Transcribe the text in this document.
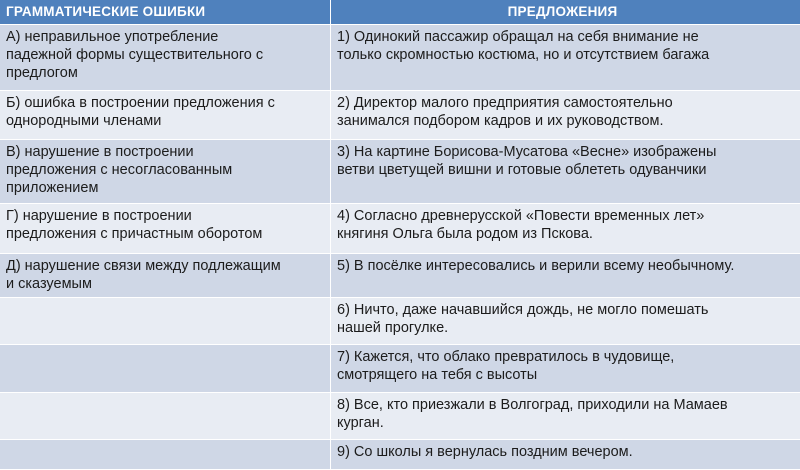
ГРАММАТИЧЕСКИЕ ОШИБКИ	ПРЕДЛОЖЕНИЯ
А) неправильное употребление
падежной формы существительного с
предлогом
1) Одинокий пассажир обращал на себя внимание не
только скромностью костюма, но и отсутствием багажа
Б) ошибка в построении предложения с
однородными членами
2) Директор малого предприятия самостоятельно
занимался подбором кадров и их руководством.
В) нарушение в построении
предложения с несогласованным
приложением
3) На картине Борисова-Мусатова «Весне» изображены
ветви цветущей вишни и готовые облететь одуванчики
Г) нарушение в построении
предложения с причастным оборотом
4) Согласно древнерусской «Повести временных лет»
княгиня Ольга была родом из Пскова.
Д) нарушение связи между подлежащим
и сказуемым
5) В посёлке интересовались и верили всему необычному.
6) Ничто, даже начавшийся дождь, не могло помешать
нашей прогулке.
7) Кажется, что облако превратилось в чудовище,
смотрящего на тебя с высоты
8) Все, кто приезжали в Волгоград, приходили на Мамаев
курган.
9) Со школы я вернулась поздним вечером.
